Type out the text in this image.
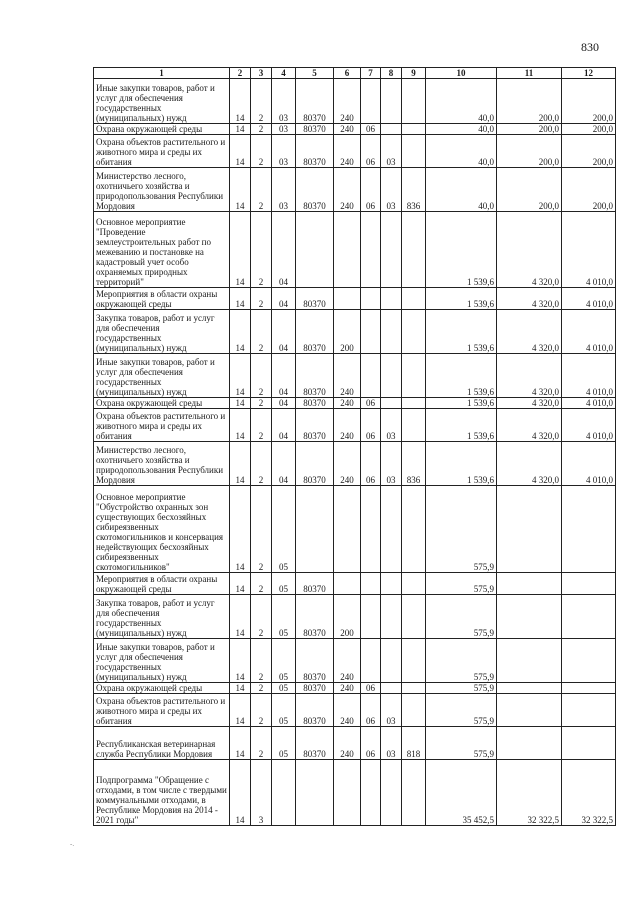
830
1	2	3	4	5	6	7	8	9	10	11	12
Иные закупки товаров, работ и услуг для обеспечения государственных (муниципальных) нужд	14	2	03	80370	240				40,0	200,0	200,0
Охрана окружающей среды	14	2	03	80370	240	06			40,0	200,0	200,0
Охрана объектов растительного и животного мира и среды их обитания	14	2	03	80370	240	06	03		40,0	200,0	200,0
Министерство лесного, охотничьего хозяйства и природопользования Республики Мордовия	14	2	03	80370	240	06	03	836	40,0	200,0	200,0
Основное мероприятие "Проведение землеустроительных работ по межеванию и постановке на кадастровый учет особо охраняемых природных территорий"	14	2	04						1 539,6	4 320,0	4 010,0
Мероприятия в области охраны окружающей среды	14	2	04	80370					1 539,6	4 320,0	4 010,0
Закупка товаров, работ и услуг для обеспечения государственных (муниципальных) нужд	14	2	04	80370	200				1 539,6	4 320,0	4 010,0
Иные закупки товаров, работ и услуг для обеспечения государственных (муниципальных) нужд	14	2	04	80370	240				1 539,6	4 320,0	4 010,0
Охрана окружающей среды	14	2	04	80370	240	06			1 539,6	4 320,0	4 010,0
Охрана объектов растительного и животного мира и среды их обитания	14	2	04	80370	240	06	03		1 539,6	4 320,0	4 010,0
Министерство лесного, охотничьего хозяйства и природопользования Республики Мордовия	14	2	04	80370	240	06	03	836	1 539,6	4 320,0	4 010,0
Основное мероприятие "Обустройство охранных зон существующих бесхозяйных сибиреязвенных скотомогильников и консервация недействующих бесхозяйных сибиреязвенных скотомогильников"	14	2	05						575,9		
Мероприятия в области охраны окружающей среды	14	2	05	80370					575,9		
Закупка товаров, работ и услуг для обеспечения государственных (муниципальных) нужд	14	2	05	80370	200				575,9		
Иные закупки товаров, работ и услуг для обеспечения государственных (муниципальных) нужд	14	2	05	80370	240				575,9		
Охрана окружающей среды	14	2	05	80370	240	06			575,9		
Охрана объектов растительного и животного мира и среды их обитания	14	2	05	80370	240	06	03		575,9		
Республиканская ветеринарная служба Республики Мордовия	14	2	05	80370	240	06	03	818	575,9		
Подпрограмма "Обращение с отходами, в том числе с твердыми коммунальными отходами, в Республике Мордовия на 2014 - 2021 годы"	14	3							35 452,5	32 322,5	32 322,5
-.
